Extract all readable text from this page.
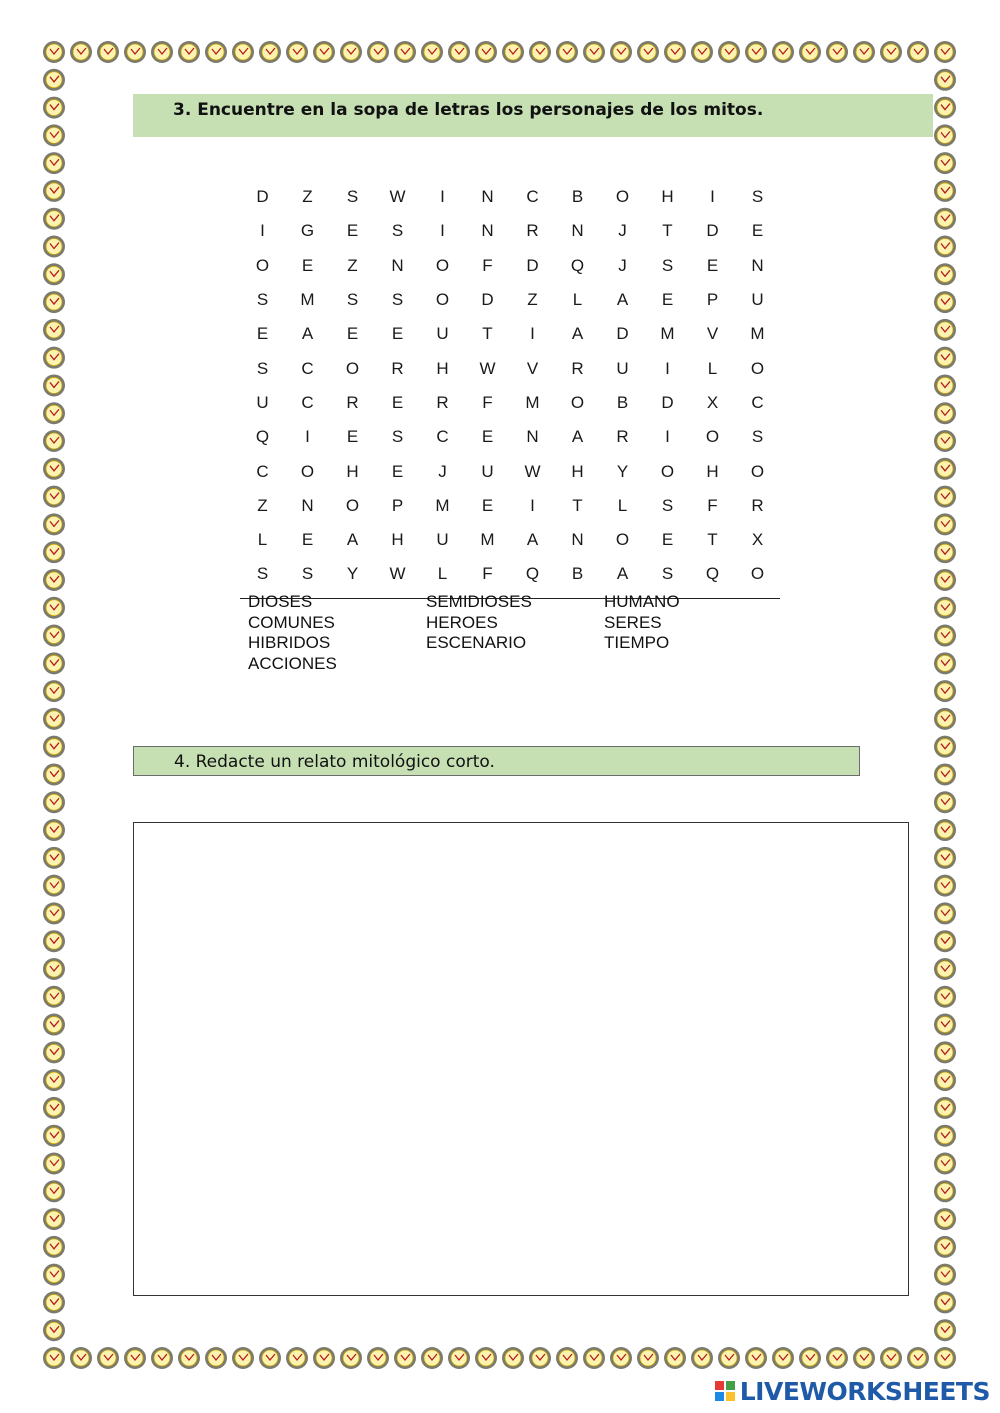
3. Encuentre en la sopa de letras los personajes de los mitos.
D	Z	S	W	I	N	C	B	O	H	I	S
I	G	E	S	I	N	R	N	J	T	D	E
O	E	Z	N	O	F	D	Q	J	S	E	N
S	M	S	S	O	D	Z	L	A	E	P	U
E	A	E	E	U	T	I	A	D	M	V	M
S	C	O	R	H	W	V	R	U	I	L	O
U	C	R	E	R	F	M	O	B	D	X	C
Q	I	E	S	C	E	N	A	R	I	O	S
C	O	H	E	J	U	W	H	Y	O	H	O
Z	N	O	P	M	E	I	T	L	S	F	R
L	E	A	H	U	M	A	N	O	E	T	X
S	S	Y	W	L	F	Q	B	A	S	Q	O
DIOSES	SEMIDIOSES	HUMANO
COMUNES	HEROES	SERES
HIBRIDOS	ESCENARIO	TIEMPO
ACCIONES
4. Redacte un relato mitológico corto.
LIVEWORKSHEETS
